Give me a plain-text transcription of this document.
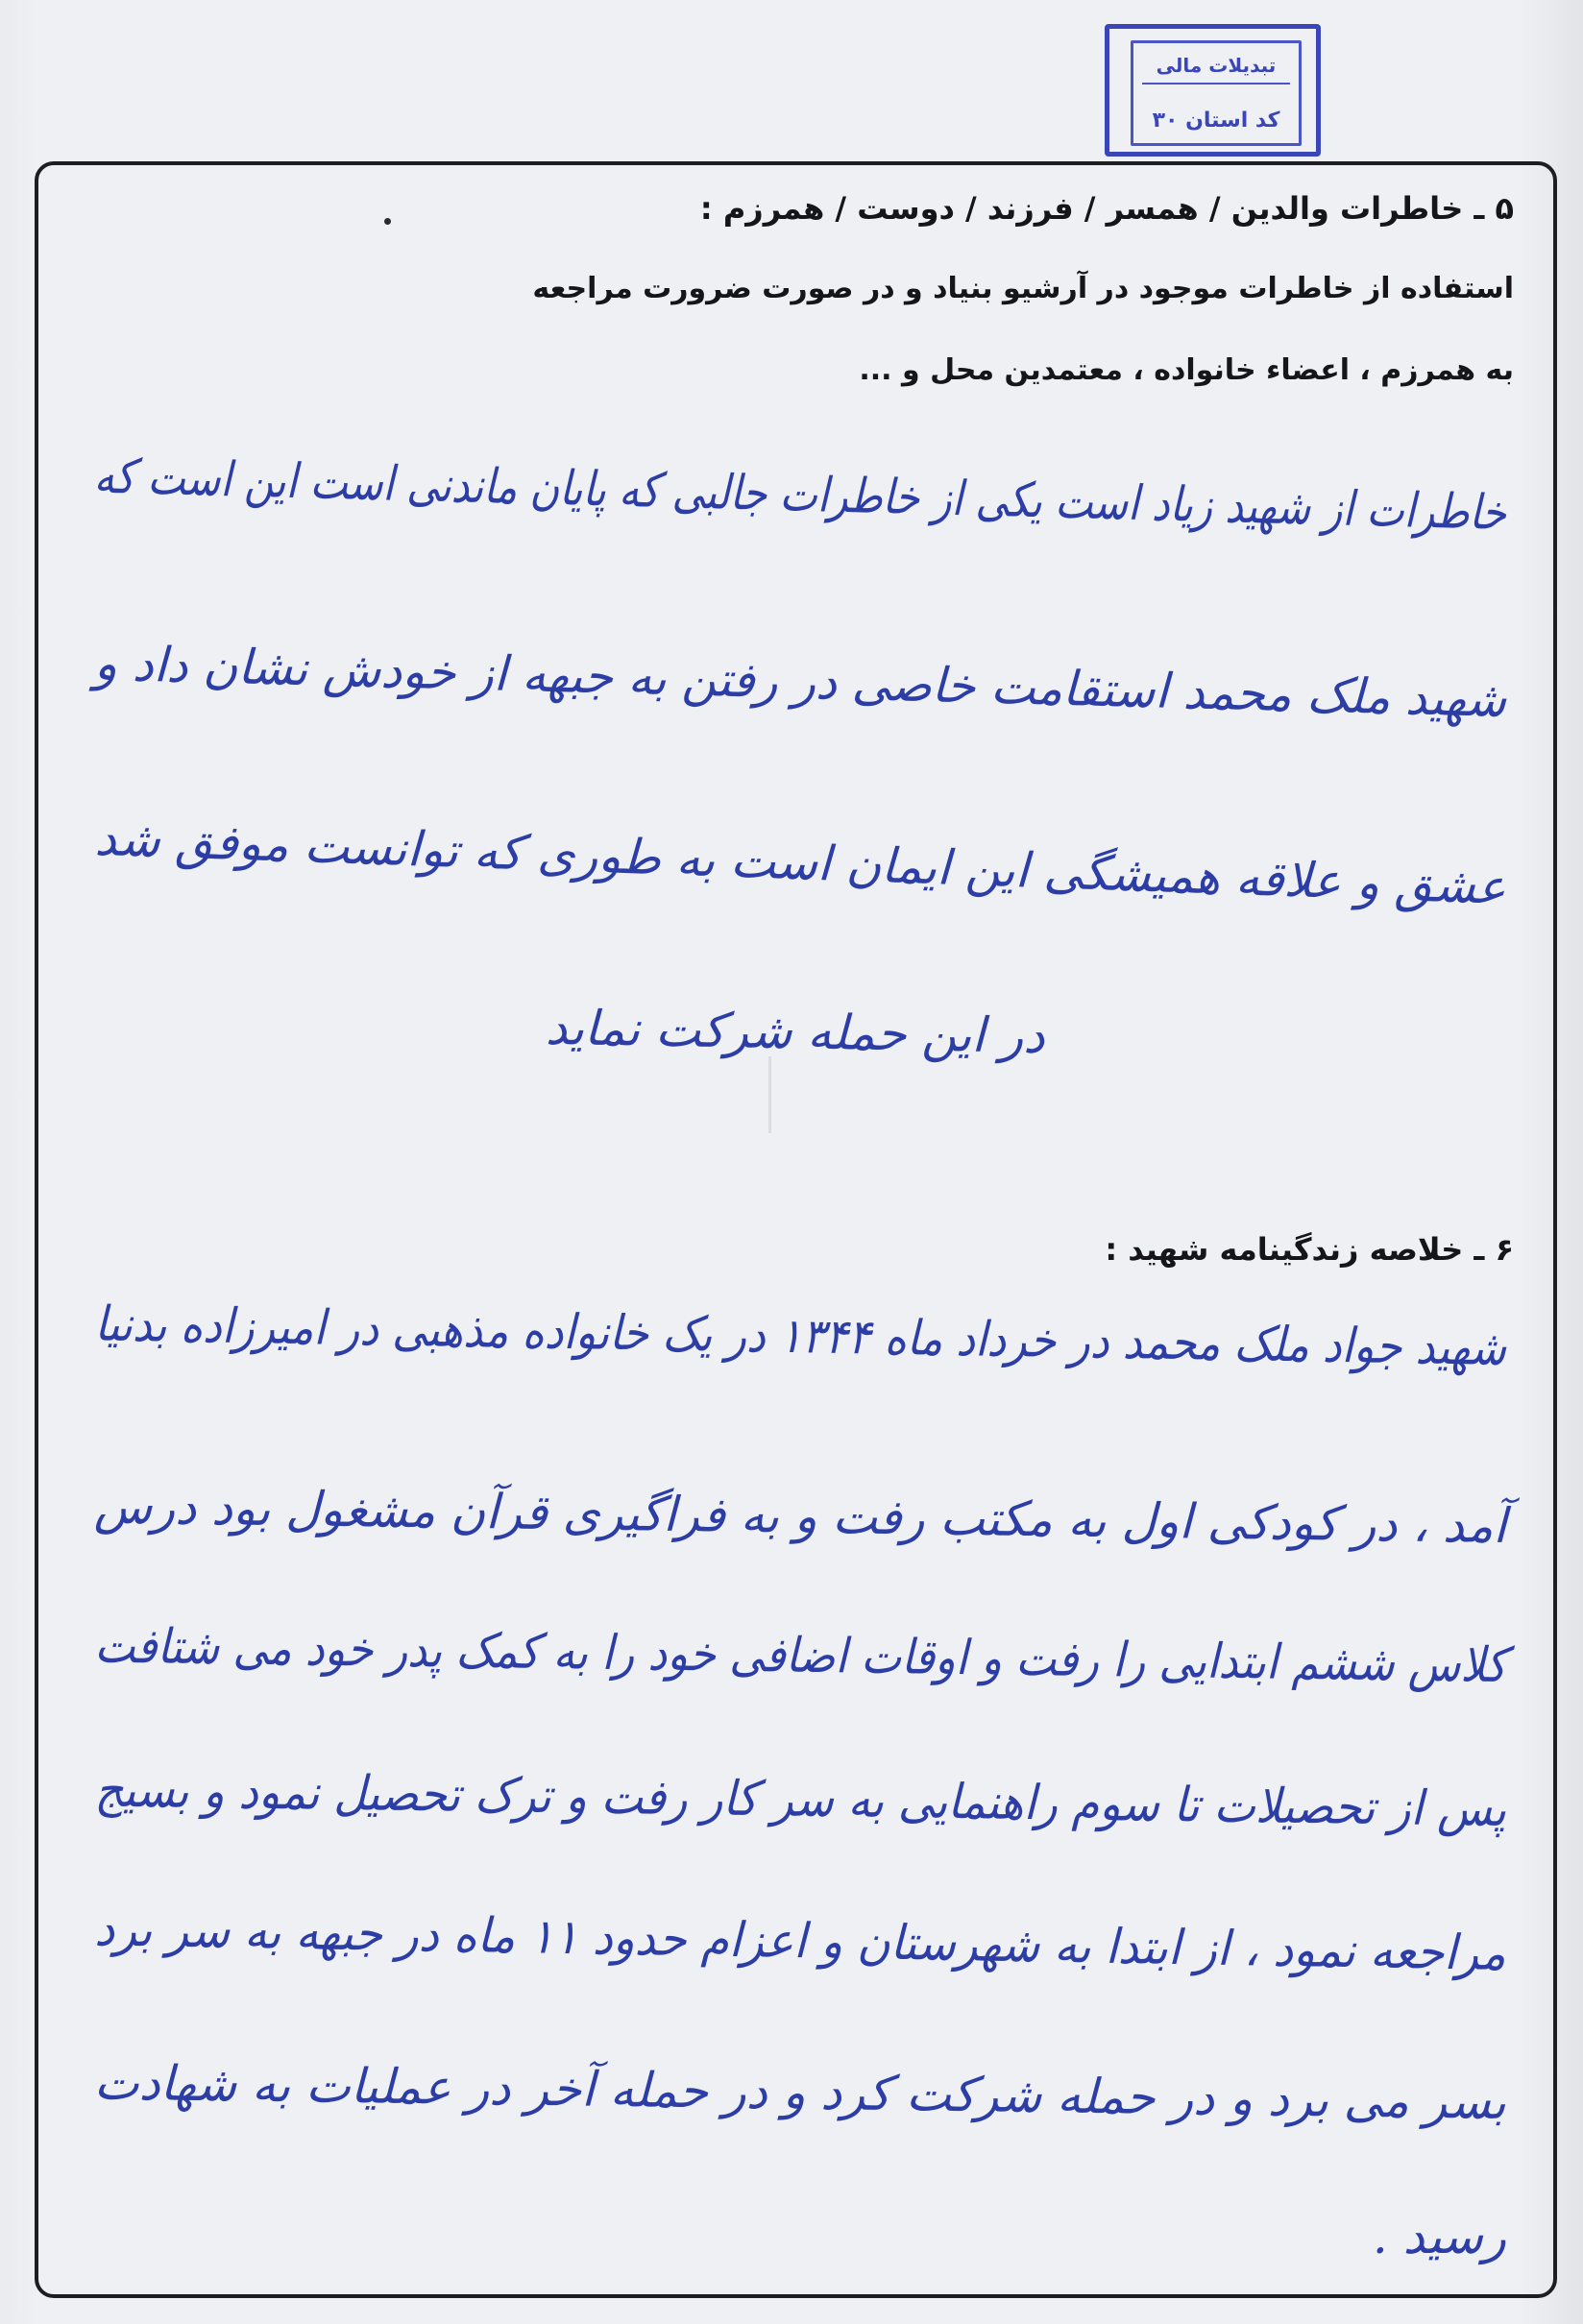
تبدیلات مالی
کد استان ۳۰
۵ ـ خاطرات والدین / همسر / فرزند / دوست / همرزم :
استفاده از خاطرات موجود در آرشیو بنیاد و در صورت ضرورت مراجعه
به همرزم ، اعضاء خانواده ، معتمدین محل و ...
خاطرات از شهید زیاد است یکی از خاطرات جالبی که پایان ماندنی است این است که
شهید ملک محمد استقامت خاصی در رفتن به جبهه از خودش نشان داد و
عشق و علاقه همیشگی این ایمان است به طوری که توانست موفق شد
در این حمله شرکت نماید
۶ ـ خلاصه زندگینامه شهید :
شهید جواد ملک محمد در خرداد ماه ۱۳۴۴ در یک خانواده مذهبی در امیرزاده بدنیا
آمد ، در کودکی اول به مکتب رفت و به فراگیری قرآن مشغول بود درس
کلاس ششم ابتدایی را رفت و اوقات اضافی خود را به کمک پدر خود می شتافت
پس از تحصیلات تا سوم راهنمایی به سر کار رفت و ترک تحصیل نمود و بسیج
مراجعه نمود ، از ابتدا به شهرستان و اعزام حدود ۱۱ ماه در جبهه به سر برد
بسر می برد و در حمله شرکت کرد و در حمله آخر در عملیات به شهادت
رسید .
